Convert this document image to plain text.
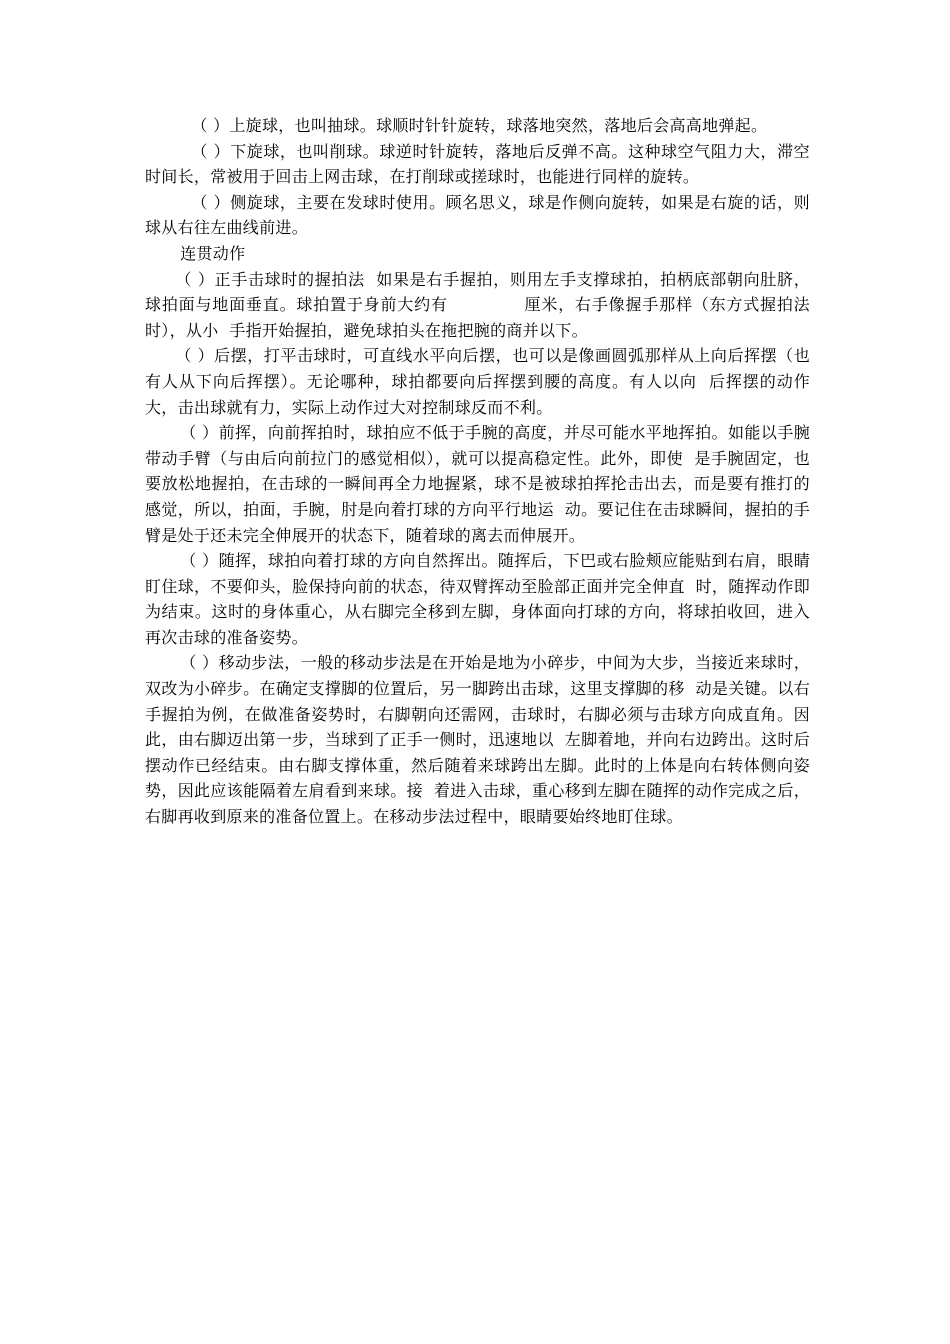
（ ）上旋球，也叫抽球。球顺时针针旋转，球落地突然，落地后会高高地弹起。

（ ）下旋球，也叫削球。球逆时针旋转，落地后反弹不高。这种球空气阻力大，滞空时间长，常被用于回击上网击球，在打削球或搓球时，也能进行同样的旋转。

（ ）侧旋球，主要在发球时使用。顾名思义，球是作侧向旋转，如果是右旋的话，则球从右往左曲线前进。

连贯动作

（ ）正手击球时的握拍法  如果是右手握拍，则用左手支撑球拍，拍柄底部朝向肚脐，球拍面与地面垂直。球拍置于身前大约有             厘米，右手像握手那样（东方式握拍法时），从小  手指开始握拍，避免球拍头在拖把腕的商并以下。

（ ）后摆，打平击球时，可直线水平向后摆，也可以是像画圆弧那样从上向后挥摆（也有人从下向后挥摆）。无论哪种，球拍都要向后挥摆到腰的高度。有人以向  后挥摆的动作大，击出球就有力，实际上动作过大对控制球反而不利。

（ ）前挥，向前挥拍时，球拍应不低于手腕的高度，并尽可能水平地挥拍。如能以手腕带动手臂（与由后向前拉门的感觉相似），就可以提高稳定性。此外，即使  是手腕固定，也要放松地握拍，在击球的一瞬间再全力地握紧，球不是被球拍挥抡击出去，而是要有推打的感觉，所以，拍面，手腕，肘是向着打球的方向平行地运  动。要记住在击球瞬间，握拍的手臂是处于还未完全伸展开的状态下，随着球的离去而伸展开。

（ ）随挥，球拍向着打球的方向自然挥出。随挥后，下巴或右脸颊应能贴到右肩，眼睛盯住球，不要仰头，脸保持向前的状态，待双臂挥动至脸部正面并完全伸直  时，随挥动作即为结束。这时的身体重心，从右脚完全移到左脚，身体面向打球的方向，将球拍收回，进入再次击球的准备姿势。

（ ）移动步法，一般的移动步法是在开始是地为小碎步，中间为大步，当接近来球时，双改为小碎步。在确定支撑脚的位置后，另一脚跨出击球，这里支撑脚的移  动是关键。以右手握拍为例，在做准备姿势时，右脚朝向还需网，击球时，右脚必须与击球方向成直角。因此，由右脚迈出第一步，当球到了正手一侧时，迅速地以  左脚着地，并向右边跨出。这时后摆动作已经结束。由右脚支撑体重，然后随着来球跨出左脚。此时的上体是向右转体侧向姿势，因此应该能隔着左肩看到来球。接  着进入击球，重心移到左脚在随挥的动作完成之后，右脚再收到原来的准备位置上。在移动步法过程中，眼睛要始终地盯住球。
